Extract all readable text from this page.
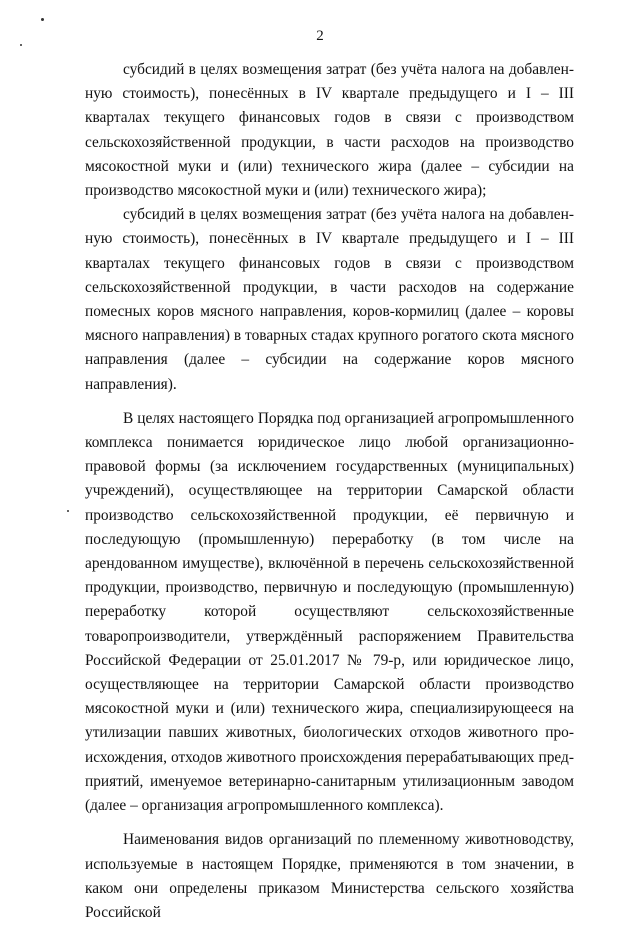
2

субсидий в целях возмещения затрат (без учёта налога на добавленную стоимость), понесённых в IV квартале предыдущего и I – III кварталах текущего финансовых годов в связи с производством сельскохозяйственной продукции, в части расходов на производство мясокостной муки и (или) технического жира (далее – субсидии на производство мясокостной муки и (или) технического жира);

субсидий в целях возмещения затрат (без учёта налога на добавленную стоимость), понесённых в IV квартале предыдущего и I – III кварталах текущего финансовых годов в связи с производством сельскохозяйственной продукции, в части расходов на содержание помесных коров мясного направления, коров-кормилиц (далее – коровы мясного направления) в товарных стадах крупного рогатого скота мясного направления (далее – субсидии на содержание коров мясного направления).

В целях настоящего Порядка под организацией агропромышленного комплекса понимается юридическое лицо любой организационно-правовой формы (за исключением государственных (муниципальных) учреждений), осуществляющее на территории Самарской области производство сельскохозяйственной продукции, её первичную и последующую (промышленную) переработку (в том числе на арендованном имуществе), включённой в перечень сельскохозяйственной продукции, производство, первичную и последующую (промышленную) переработку которой осуществляют сельскохозяйственные товаропроизводители, утверждённый распоряжением Правительства Российской Федерации от 25.01.2017 № 79-р, или юридическое лицо, осуществляющее на территории Самарской области производство мясокостной муки и (или) технического жира, специализирующееся на утилизации павших животных, биологических отходов животного происхождения, отходов животного происхождения перерабатывающих предприятий, именуемое ветеринарно-санитарным утилизационным заводом (далее – организация агропромышленного комплекса).

Наименования видов организаций по племенному животноводству, используемые в настоящем Порядке, применяются в том значении, в каком они определены приказом Министерства сельского хозяйства Российской
